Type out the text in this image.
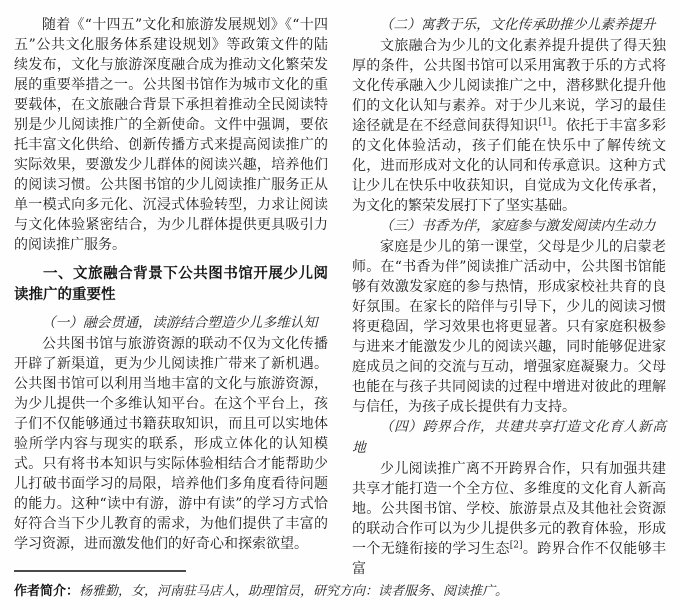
随着《“十四五”文化和旅游发展规划》《“十四五”公共文化服务体系建设规划》等政策文件的陆续发布，文化与旅游深度融合成为推动文化繁荣发展的重要举措之一。公共图书馆作为城市文化的重要载体，在文旅融合背景下承担着推动全民阅读特别是少儿阅读推广的全新使命。文件中强调，要依托丰富文化供给、创新传播方式来提高阅读推广的实际效果，要激发少儿群体的阅读兴趣，培养他们的阅读习惯。公共图书馆的少儿阅读推广服务正从单一模式向多元化、沉浸式体验转型，力求让阅读与文化体验紧密结合，为少儿群体提供更具吸引力的阅读推广服务。

一、文旅融合背景下公共图书馆开展少儿阅读推广的重要性

（一）融会贯通，读游结合塑造少儿多维认知

公共图书馆与旅游资源的联动不仅为文化传播开辟了新渠道，更为少儿阅读推广带来了新机遇。公共图书馆可以利用当地丰富的文化与旅游资源，为少儿提供一个多维认知平台。在这个平台上，孩子们不仅能够通过书籍获取知识，而且可以实地体验所学内容与现实的联系，形成立体化的认知模式。只有将书本知识与实际体验相结合才能帮助少儿打破书面学习的局限，培养他们多角度看待问题的能力。这种“读中有游，游中有读”的学习方式恰好符合当下少儿教育的需求，为他们提供了丰富的学习资源，进而激发他们的好奇心和探索欲望。

（二）寓教于乐，文化传承助推少儿素养提升

文旅融合为少儿的文化素养提升提供了得天独厚的条件，公共图书馆可以采用寓教于乐的方式将文化传承融入少儿阅读推广之中，潜移默化提升他们的文化认知与素养。对于少儿来说，学习的最佳途径就是在不经意间获得知识[1]。依托于丰富多彩的文化体验活动，孩子们能在快乐中了解传统文化，进而形成对文化的认同和传承意识。这种方式让少儿在快乐中收获知识，自觉成为文化传承者，为文化的繁荣发展打下了坚实基础。

（三）书香为伴，家庭参与激发阅读内生动力

家庭是少儿的第一课堂，父母是少儿的启蒙老师。在“书香为伴”阅读推广活动中，公共图书馆能够有效激发家庭的参与热情，形成家校社共育的良好氛围。在家长的陪伴与引导下，少儿的阅读习惯将更稳固，学习效果也将更显著。只有家庭积极参与进来才能激发少儿的阅读兴趣，同时能够促进家庭成员之间的交流与互动，增强家庭凝聚力。父母也能在与孩子共同阅读的过程中增进对彼此的理解与信任，为孩子成长提供有力支持。

（四）跨界合作，共建共享打造文化育人新高地

少儿阅读推广离不开跨界合作，只有加强共建共享才能打造一个全方位、多维度的文化育人新高地。公共图书馆、学校、旅游景点及其他社会资源的联动合作可以为少儿提供多元的教育体验，形成一个无缝衔接的学习生态[2]。跨界合作不仅能够丰富

作者简介：杨雅勤，女，河南驻马店人，助理馆员，研究方向：读者服务、阅读推广。
